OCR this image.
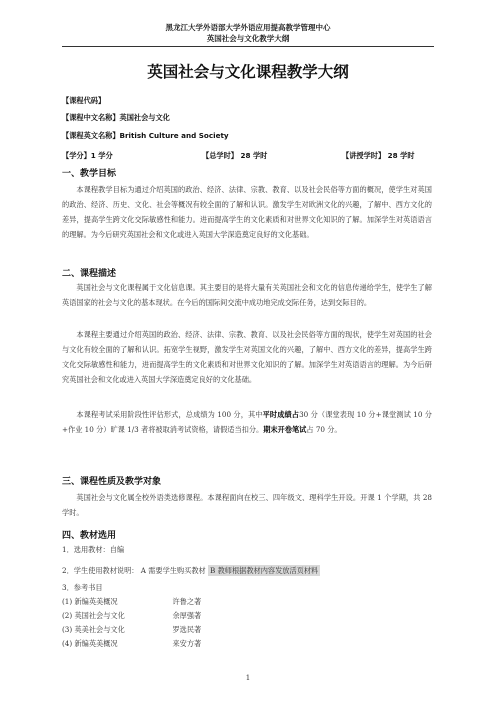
黑龙江大学外语部大学外语应用提高教学管理中心
英国社会与文化教学大纲
英国社会与文化课程教学大纲
【课程代码】
【课程中文名称】英国社会与文化
【课程英文名称】British Culture and Society
【学分】1 学分	【总学时】 28 学时	【讲授学时】 28 学时
一、教学目标

本课程教学目标为通过介绍英国的政治、经济、法律、宗教、教育、以及社会民俗等方面的概况，使学生对英国的政治、经济、历史、文化、社会等概况有较全面的了解和认识。激发学生对欧洲文化的兴趣，了解中、西方文化的差异，提高学生跨文化交际敏感性和能力。进而提高学生的文化素质和对世界文化知识的了解。加深学生对英语语言的理解。为今后研究英国社会和文化或进入英国大学深造奠定良好的文化基础。

二、课程描述

英国社会与文化课程属于文化信息课。其主要目的是将大量有关英国社会和文化的信息传递给学生，使学生了解英语国家的社会与文化的基本现状。在今后的国际间交流中成功地完成交际任务，达到交际目的。

本课程主要通过介绍英国的政治、经济、法律、宗教、教育、以及社会民俗等方面的现状，使学生对英国的社会与文化有较全面的了解和认识。拓宽学生视野，激发学生对英国文化的兴趣，了解中、西方文化的差异，提高学生跨文化交际敏感性和能力，进而提高学生的文化素质和对世界文化知识的了解。加深学生对英语语言的理解。为今后研究英国社会和文化或进入英国大学深造奠定良好的文化基础。

本课程考试采用阶段性评估形式，总成绩为 100 分，其中平时成绩占30 分（课堂表现 10 分+课堂测试 10 分+作业 10 分）旷课 1/3 者将被取消考试资格，请假适当扣分。期末开卷笔试占 70 分。

三、课程性质及教学对象

英国社会与文化属全校外语类选修课程。本课程面向在校三、四年级文、理科学生开设。开课 1 个学期，共 28 学时。

四、教材选用
1．选用教材：自编
2．学生使用教材说明： A 需要学生购买教材 B 教师根据教材内容发放活页材料
3．参考书目
(1) 新编英美概况	许鲁之著
(2) 英国社会与文化	余厚强著
(3) 英美社会与文化	罗选民著
(4) 新编英美概况	来安方著
1
